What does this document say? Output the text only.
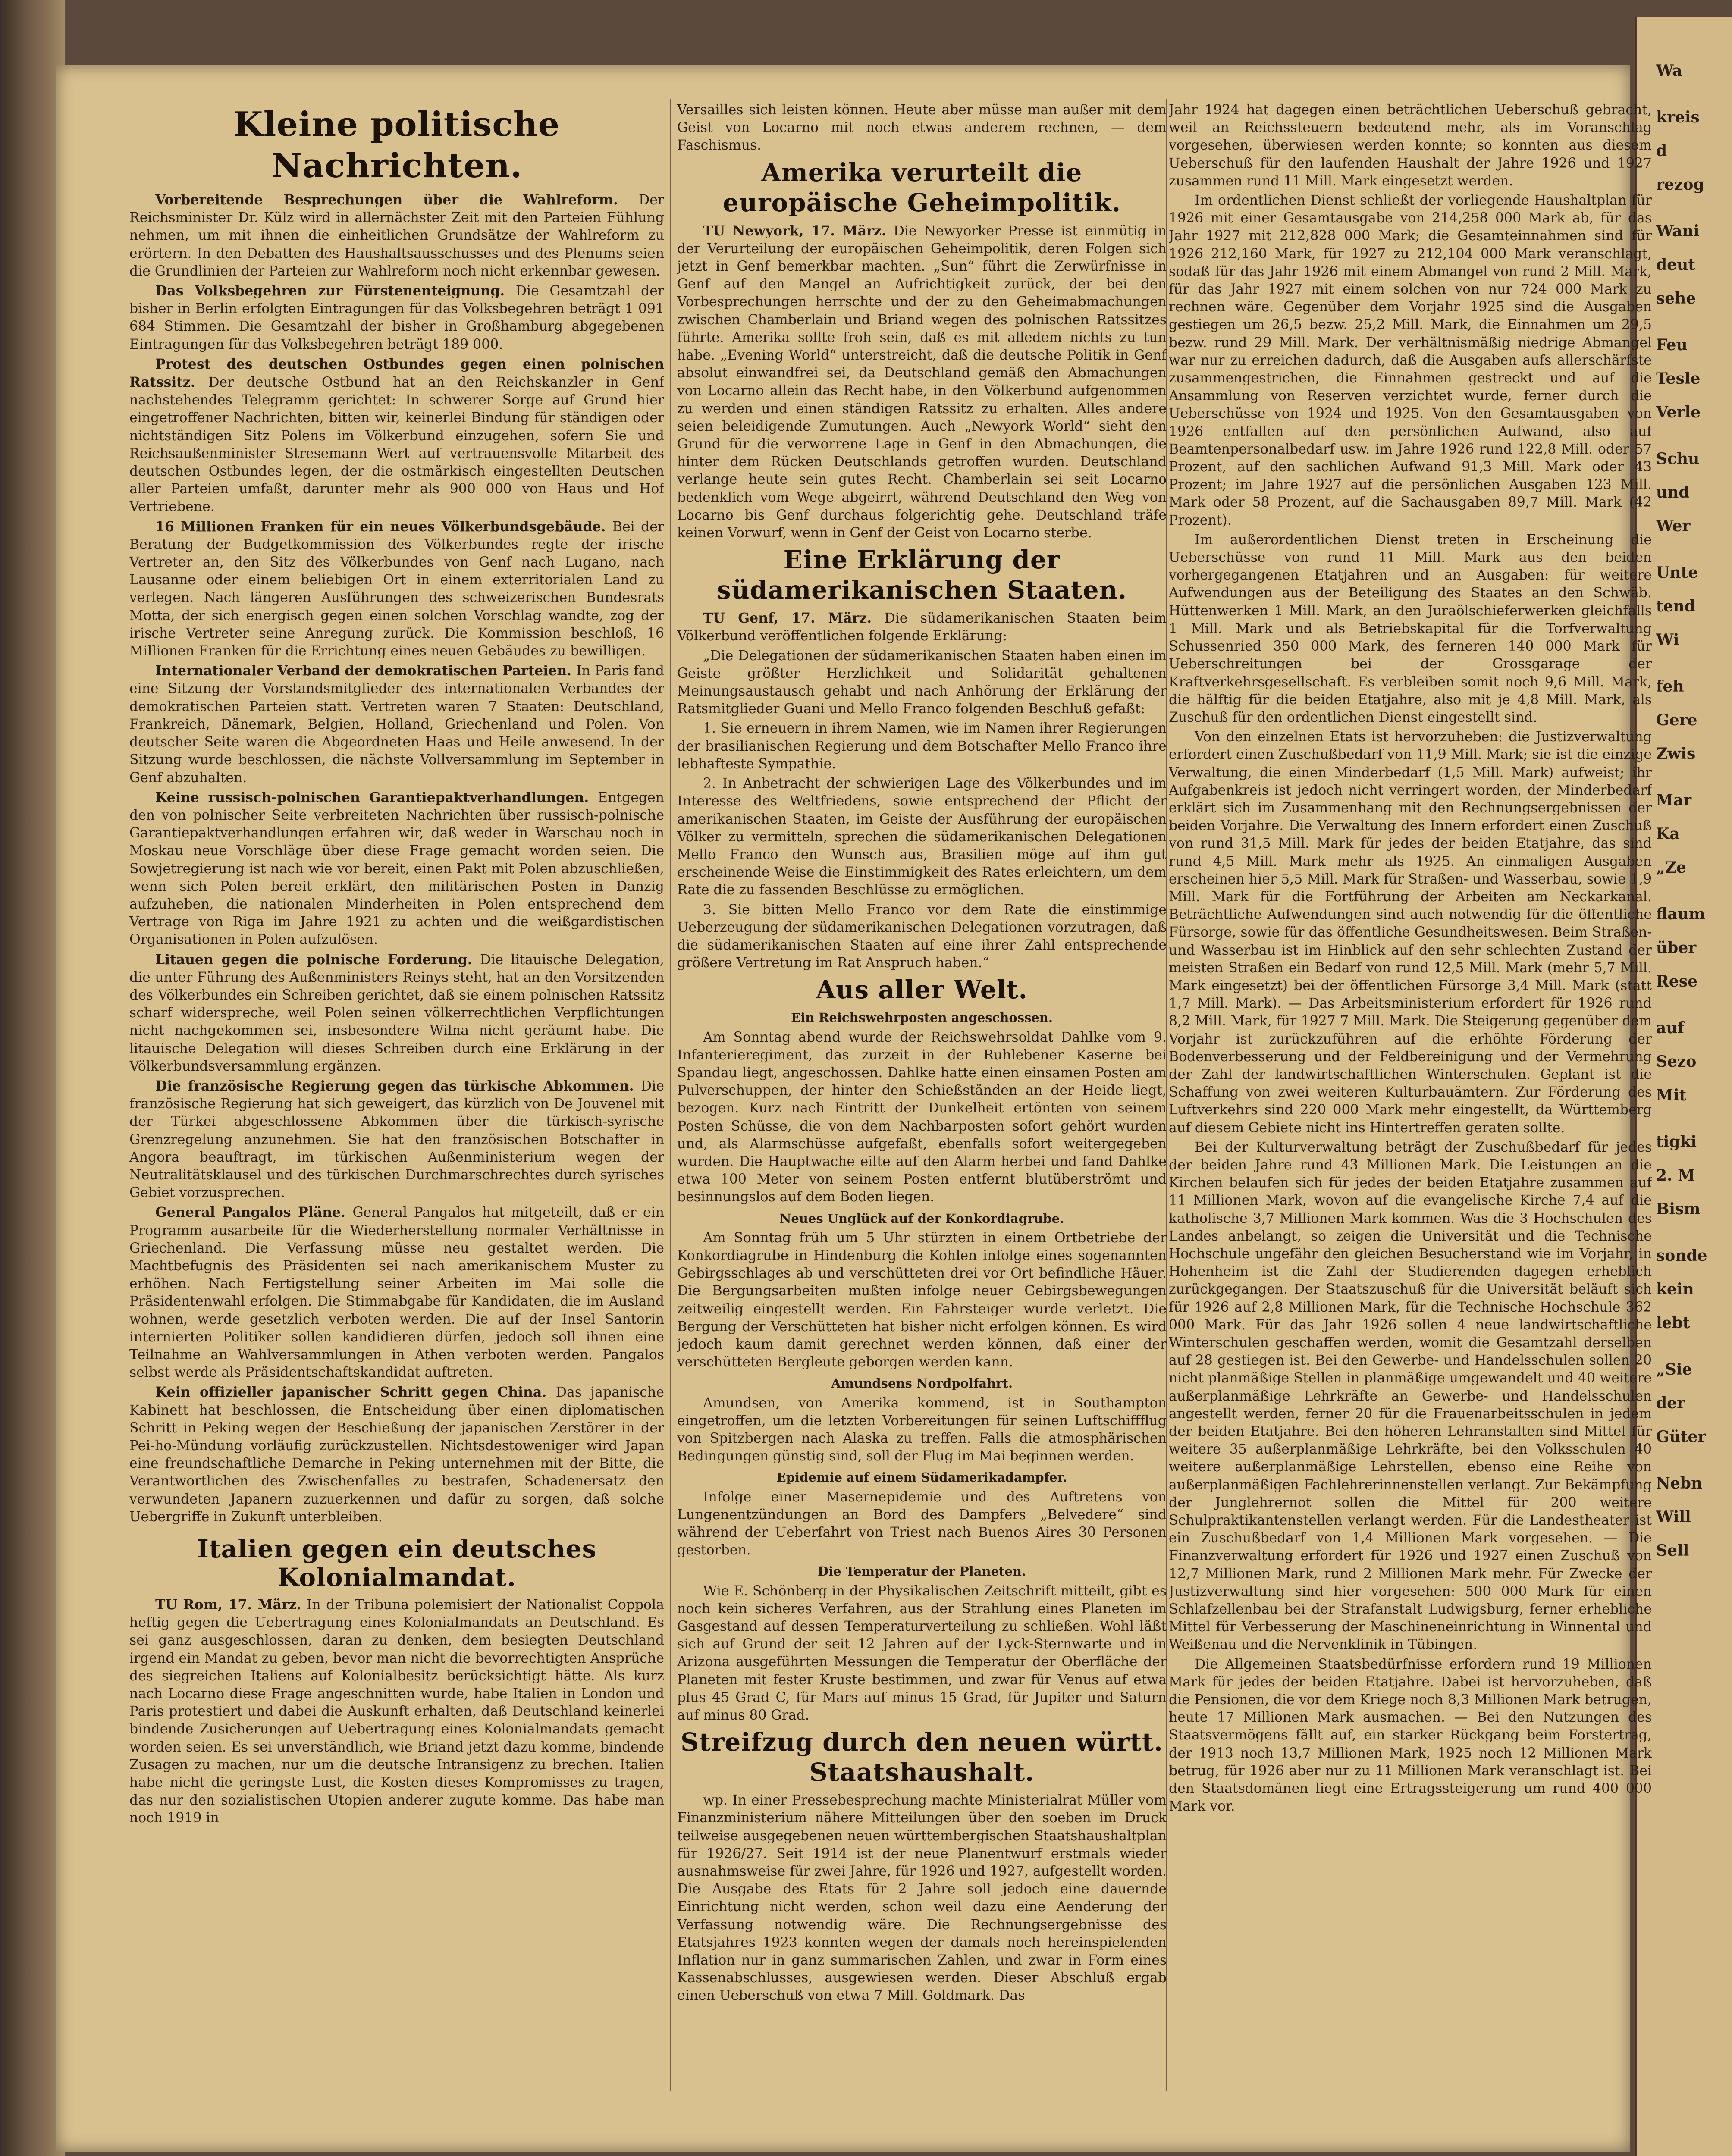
Kleine politische Nachrichten.

Vorbereitende Besprechungen über die Wahlreform. Der Reichsminister Dr. Külz wird in allernächster Zeit mit den Parteien Fühlung nehmen, um mit ihnen die einheitlichen Grundsätze der Wahlreform zu erörtern. In den Debatten des Haushaltsausschusses und des Plenums seien die Grundlinien der Parteien zur Wahlreform noch nicht erkennbar gewesen.

Das Volksbegehren zur Fürstenenteignung. Die Gesamtzahl der bisher in Berlin erfolgten Eintragungen für das Volksbegehren beträgt 1 091 684 Stimmen. Die Gesamtzahl der bisher in Großhamburg abgegebenen Eintragungen für das Volksbegehren beträgt 189 000.

Protest des deutschen Ostbundes gegen einen polnischen Ratssitz. Der deutsche Ostbund hat an den Reichskanzler in Genf nachstehendes Telegramm gerichtet: In schwerer Sorge auf Grund hier eingetroffener Nachrichten, bitten wir, keinerlei Bindung für ständigen oder nichtständigen Sitz Polens im Völkerbund einzugehen, sofern Sie und Reichsaußenminister Stresemann Wert auf vertrauensvolle Mitarbeit des deutschen Ostbundes legen, der die ostmärkisch eingestellten Deutschen aller Parteien umfaßt, darunter mehr als 900 000 von Haus und Hof Vertriebene.

16 Millionen Franken für ein neues Völkerbundsgebäude. Bei der Beratung der Budgetkommission des Völkerbundes regte der irische Vertreter an, den Sitz des Völkerbundes von Genf nach Lugano, nach Lausanne oder einem beliebigen Ort in einem exterritorialen Land zu verlegen. Nach längeren Ausführungen des schweizerischen Bundesrats Motta, der sich energisch gegen einen solchen Vorschlag wandte, zog der irische Vertreter seine Anregung zurück. Die Kommission beschloß, 16 Millionen Franken für die Errichtung eines neuen Gebäudes zu bewilligen.

Internationaler Verband der demokratischen Parteien. In Paris fand eine Sitzung der Vorstandsmitglieder des internationalen Verbandes der demokratischen Parteien statt. Vertreten waren 7 Staaten: Deutschland, Frankreich, Dänemark, Belgien, Holland, Griechenland und Polen. Von deutscher Seite waren die Abgeordneten Haas und Heile anwesend. In der Sitzung wurde beschlossen, die nächste Vollversammlung im September in Genf abzuhalten.

Keine russisch-polnischen Garantiepaktverhandlungen. Entgegen den von polnischer Seite verbreiteten Nachrichten über russisch-polnische Garantiepaktverhandlungen erfahren wir, daß weder in Warschau noch in Moskau neue Vorschläge über diese Frage gemacht worden seien. Die Sowjetregierung ist nach wie vor bereit, einen Pakt mit Polen abzuschließen, wenn sich Polen bereit erklärt, den militärischen Posten in Danzig aufzuheben, die nationalen Minderheiten in Polen entsprechend dem Vertrage von Riga im Jahre 1921 zu achten und die weißgardistischen Organisationen in Polen aufzulösen.

Litauen gegen die polnische Forderung. Die litauische Delegation, die unter Führung des Außenministers Reinys steht, hat an den Vorsitzenden des Völkerbundes ein Schreiben gerichtet, daß sie einem polnischen Ratssitz scharf widerspreche, weil Polen seinen völkerrechtlichen Verpflichtungen nicht nachgekommen sei, insbesondere Wilna nicht geräumt habe. Die litauische Delegation will dieses Schreiben durch eine Erklärung in der Völkerbundsversammlung ergänzen.

Die französische Regierung gegen das türkische Abkommen. Die französische Regierung hat sich geweigert, das kürzlich von De Jouvenel mit der Türkei abgeschlossene Abkommen über die türkisch-syrische Grenzregelung anzunehmen. Sie hat den französischen Botschafter in Angora beauftragt, im türkischen Außenministerium wegen der Neutralitätsklausel und des türkischen Durchmarschrechtes durch syrisches Gebiet vorzusprechen.

General Pangalos Pläne. General Pangalos hat mitgeteilt, daß er ein Programm ausarbeite für die Wiederherstellung normaler Verhältnisse in Griechenland. Die Verfassung müsse neu gestaltet werden. Die Machtbefugnis des Präsidenten sei nach amerikanischem Muster zu erhöhen. Nach Fertigstellung seiner Arbeiten im Mai solle die Präsidentenwahl erfolgen. Die Stimmabgabe für Kandidaten, die im Ausland wohnen, werde gesetzlich verboten werden. Die auf der Insel Santorin internierten Politiker sollen kandidieren dürfen, jedoch soll ihnen eine Teilnahme an Wahlversammlungen in Athen verboten werden. Pangalos selbst werde als Präsidentschaftskandidat auftreten.

Kein offizieller japanischer Schritt gegen China. Das japanische Kabinett hat beschlossen, die Entscheidung über einen diplomatischen Schritt in Peking wegen der Beschießung der japanischen Zerstörer in der Pei-ho-Mündung vorläufig zurückzustellen. Nichtsdestoweniger wird Japan eine freundschaftliche Demarche in Peking unternehmen mit der Bitte, die Verantwortlichen des Zwischenfalles zu bestrafen, Schadenersatz den verwundeten Japanern zuzuerkennen und dafür zu sorgen, daß solche Uebergriffe in Zukunft unterbleiben.

Italien gegen ein deutsches Kolonialmandat.

TU Rom, 17. März. In der Tribuna polemisiert der Nationalist Coppola heftig gegen die Uebertragung eines Kolonialmandats an Deutschland. Es sei ganz ausgeschlossen, daran zu denken, dem besiegten Deutschland irgend ein Mandat zu geben, bevor man nicht die bevorrechtigten Ansprüche des siegreichen Italiens auf Kolonialbesitz berücksichtigt hätte. Als kurz nach Locarno diese Frage angeschnitten wurde, habe Italien in London und Paris protestiert und dabei die Auskunft erhalten, daß Deutschland keinerlei bindende Zusicherungen auf Uebertragung eines Kolonialmandats gemacht worden seien. Es sei unverständlich, wie Briand jetzt dazu komme, bindende Zusagen zu machen, nur um die deutsche Intransigenz zu brechen. Italien habe nicht die geringste Lust, die Kosten dieses Kompromisses zu tragen, das nur den sozialistischen Utopien anderer zugute komme. Das habe man noch 1919 in

Versailles sich leisten können. Heute aber müsse man außer mit dem Geist von Locarno mit noch etwas anderem rechnen, — dem Faschismus.

Amerika verurteilt die europäische Geheimpolitik.

TU Newyork, 17. März. Die Newyorker Presse ist einmütig in der Verurteilung der europäischen Geheimpolitik, deren Folgen sich jetzt in Genf bemerkbar machten. „Sun“ führt die Zerwürfnisse in Genf auf den Mangel an Aufrichtigkeit zurück, der bei den Vorbesprechungen herrschte und der zu den Geheimabmachungen zwischen Chamberlain und Briand wegen des polnischen Ratssitzes führte. Amerika sollte froh sein, daß es mit alledem nichts zu tun habe. „Evening World“ unterstreicht, daß die deutsche Politik in Genf absolut einwandfrei sei, da Deutschland gemäß den Abmachungen von Locarno allein das Recht habe, in den Völkerbund aufgenommen zu werden und einen ständigen Ratssitz zu erhalten. Alles andere seien beleidigende Zumutungen. Auch „Newyork World“ sieht den Grund für die verworrene Lage in Genf in den Abmachungen, die hinter dem Rücken Deutschlands getroffen wurden. Deutschland verlange heute sein gutes Recht. Chamberlain sei seit Locarno bedenklich vom Wege abgeirrt, während Deutschland den Weg von Locarno bis Genf durchaus folgerichtig gehe. Deutschland träfe keinen Vorwurf, wenn in Genf der Geist von Locarno sterbe.

Eine Erklärung der südamerikanischen Staaten.

TU Genf, 17. März. Die südamerikanischen Staaten beim Völkerbund veröffentlichen folgende Erklärung:

„Die Delegationen der südamerikanischen Staaten haben einen im Geiste größter Herzlichkeit und Solidarität gehaltenen Meinungsaustausch gehabt und nach Anhörung der Erklärung der Ratsmitglieder Guani und Mello Franco folgenden Beschluß gefaßt:

1. Sie erneuern in ihrem Namen, wie im Namen ihrer Regierungen der brasilianischen Regierung und dem Botschafter Mello Franco ihre lebhafteste Sympathie.

2. In Anbetracht der schwierigen Lage des Völkerbundes und im Interesse des Weltfriedens, sowie entsprechend der Pflicht der amerikanischen Staaten, im Geiste der Ausführung der europäischen Völker zu vermitteln, sprechen die südamerikanischen Delegationen Mello Franco den Wunsch aus, Brasilien möge auf ihm gut erscheinende Weise die Einstimmigkeit des Rates erleichtern, um dem Rate die zu fassenden Beschlüsse zu ermöglichen.

3. Sie bitten Mello Franco vor dem Rate die einstimmige Ueberzeugung der südamerikanischen Delegationen vorzutragen, daß die südamerikanischen Staaten auf eine ihrer Zahl entsprechende größere Vertretung im Rat Anspruch haben.“

Aus aller Welt.
Ein Reichswehrposten angeschossen.

Am Sonntag abend wurde der Reichswehrsoldat Dahlke vom 9. Infanterieregiment, das zurzeit in der Ruhlebener Kaserne bei Spandau liegt, angeschossen. Dahlke hatte einen einsamen Posten am Pulverschuppen, der hinter den Schießständen an der Heide liegt, bezogen. Kurz nach Eintritt der Dunkelheit ertönten von seinem Posten Schüsse, die von dem Nachbarposten sofort gehört wurden und, als Alarmschüsse aufgefaßt, ebenfalls sofort weitergegeben wurden. Die Hauptwache eilte auf den Alarm herbei und fand Dahlke etwa 100 Meter von seinem Posten entfernt blutüberströmt und besinnungslos auf dem Boden liegen.

Neues Unglück auf der Konkordiagrube.

Am Sonntag früh um 5 Uhr stürzten in einem Ortbetriebe der Konkordiagrube in Hindenburg die Kohlen infolge eines sogenannten Gebirgsschlages ab und verschütteten drei vor Ort befindliche Häuer. Die Bergungsarbeiten mußten infolge neuer Gebirgsbewegungen zeitweilig eingestellt werden. Ein Fahrsteiger wurde verletzt. Die Bergung der Verschütteten hat bisher nicht erfolgen können. Es wird jedoch kaum damit gerechnet werden können, daß einer der verschütteten Bergleute geborgen werden kann.

Amundsens Nordpolfahrt.

Amundsen, von Amerika kommend, ist in Southampton eingetroffen, um die letzten Vorbereitungen für seinen Luftschiffflug von Spitzbergen nach Alaska zu treffen. Falls die atmosphärischen Bedingungen günstig sind, soll der Flug im Mai beginnen werden.

Epidemie auf einem Südamerikadampfer.

Infolge einer Masernepidemie und des Auftretens von Lungenentzündungen an Bord des Dampfers „Belvedere“ sind während der Ueberfahrt von Triest nach Buenos Aires 30 Personen gestorben.

Die Temperatur der Planeten.

Wie E. Schönberg in der Physikalischen Zeitschrift mitteilt, gibt es noch kein sicheres Verfahren, aus der Strahlung eines Planeten im Gasgestand auf dessen Temperaturverteilung zu schließen. Wohl läßt sich auf Grund der seit 12 Jahren auf der Lyck-Sternwarte und in Arizona ausgeführten Messungen die Temperatur der Oberfläche der Planeten mit fester Kruste bestimmen, und zwar für Venus auf etwa plus 45 Grad C, für Mars auf minus 15 Grad, für Jupiter und Saturn auf minus 80 Grad.

Streifzug durch den neuen württ. Staatshaushalt.

wp. In einer Pressebesprechung machte Ministerialrat Müller vom Finanzministerium nähere Mitteilungen über den soeben im Druck teilweise ausgegebenen neuen württembergischen Staatshaushaltplan für 1926/27. Seit 1914 ist der neue Planentwurf erstmals wieder ausnahmsweise für zwei Jahre, für 1926 und 1927, aufgestellt worden. Die Ausgabe des Etats für 2 Jahre soll jedoch eine dauernde Einrichtung nicht werden, schon weil dazu eine Aenderung der Verfassung notwendig wäre. Die Rechnungsergebnisse des Etatsjahres 1923 konnten wegen der damals noch hereinspielenden Inflation nur in ganz summarischen Zahlen, und zwar in Form eines Kassenabschlusses, ausgewiesen werden. Dieser Abschluß ergab einen Ueberschuß von etwa 7 Mill. Goldmark. Das

Jahr 1924 hat dagegen einen beträchtlichen Ueberschuß gebracht, weil an Reichssteuern bedeutend mehr, als im Voranschlag vorgesehen, überwiesen werden konnte; so konnten aus diesem Ueberschuß für den laufenden Haushalt der Jahre 1926 und 1927 zusammen rund 11 Mill. Mark eingesetzt werden.

Im ordentlichen Dienst schließt der vorliegende Haushaltplan für 1926 mit einer Gesamtausgabe von 214,258 000 Mark ab, für das Jahr 1927 mit 212,828 000 Mark; die Gesamteinnahmen sind für 1926 212,160 Mark, für 1927 zu 212,104 000 Mark veranschlagt, sodaß für das Jahr 1926 mit einem Abmangel von rund 2 Mill. Mark, für das Jahr 1927 mit einem solchen von nur 724 000 Mark zu rechnen wäre. Gegenüber dem Vorjahr 1925 sind die Ausgaben gestiegen um 26,5 bezw. 25,2 Mill. Mark, die Einnahmen um 29,5 bezw. rund 29 Mill. Mark. Der verhältnismäßig niedrige Abmangel war nur zu erreichen dadurch, daß die Ausgaben aufs allerschärfste zusammengestrichen, die Einnahmen gestreckt und auf die Ansammlung von Reserven verzichtet wurde, ferner durch die Ueberschüsse von 1924 und 1925. Von den Gesamtausgaben von 1926 entfallen auf den persönlichen Aufwand, also auf Beamtenpersonalbedarf usw. im Jahre 1926 rund 122,8 Mill. oder 57 Prozent, auf den sachlichen Aufwand 91,3 Mill. Mark oder 43 Prozent; im Jahre 1927 auf die persönlichen Ausgaben 123 Mill. Mark oder 58 Prozent, auf die Sachausgaben 89,7 Mill. Mark (42 Prozent).

Im außerordentlichen Dienst treten in Erscheinung die Ueberschüsse von rund 11 Mill. Mark aus den beiden vorhergegangenen Etatjahren und an Ausgaben: für weitere Aufwendungen aus der Beteiligung des Staates an den Schwäb. Hüttenwerken 1 Mill. Mark, an den Juraölschieferwerken gleichfalls 1 Mill. Mark und als Betriebskapital für die Torfverwaltung Schussenried 350 000 Mark, des ferneren 140 000 Mark für Ueberschreitungen bei der Grossgarage der Kraftverkehrsgesellschaft. Es verbleiben somit noch 9,6 Mill. Mark, die hälftig für die beiden Etatjahre, also mit je 4,8 Mill. Mark, als Zuschuß für den ordentlichen Dienst eingestellt sind.

Von den einzelnen Etats ist hervorzuheben: die Justizverwaltung erfordert einen Zuschußbedarf von 11,9 Mill. Mark; sie ist die einzige Verwaltung, die einen Minderbedarf (1,5 Mill. Mark) aufweist; ihr Aufgabenkreis ist jedoch nicht verringert worden, der Minderbedarf erklärt sich im Zusammenhang mit den Rechnungsergebnissen der beiden Vorjahre. Die Verwaltung des Innern erfordert einen Zuschuß von rund 31,5 Mill. Mark für jedes der beiden Etatjahre, das sind rund 4,5 Mill. Mark mehr als 1925. An einmaligen Ausgaben erscheinen hier 5,5 Mill. Mark für Straßen- und Wasserbau, sowie 1,9 Mill. Mark für die Fortführung der Arbeiten am Neckarkanal. Beträchtliche Aufwendungen sind auch notwendig für die öffentliche Fürsorge, sowie für das öffentliche Gesundheitswesen. Beim Straßen- und Wasserbau ist im Hinblick auf den sehr schlechten Zustand der meisten Straßen ein Bedarf von rund 12,5 Mill. Mark (mehr 5,7 Mill. Mark eingesetzt) bei der öffentlichen Fürsorge 3,4 Mill. Mark (statt 1,7 Mill. Mark). — Das Arbeitsministerium erfordert für 1926 rund 8,2 Mill. Mark, für 1927 7 Mill. Mark. Die Steigerung gegenüber dem Vorjahr ist zurückzuführen auf die erhöhte Förderung der Bodenverbesserung und der Feldbereinigung und der Vermehrung der Zahl der landwirtschaftlichen Winterschulen. Geplant ist die Schaffung von zwei weiteren Kulturbauämtern. Zur Förderung des Luftverkehrs sind 220 000 Mark mehr eingestellt, da Württemberg auf diesem Gebiete nicht ins Hintertreffen geraten sollte.

Bei der Kulturverwaltung beträgt der Zuschußbedarf für jedes der beiden Jahre rund 43 Millionen Mark. Die Leistungen an die Kirchen belaufen sich für jedes der beiden Etatjahre zusammen auf 11 Millionen Mark, wovon auf die evangelische Kirche 7,4 auf die katholische 3,7 Millionen Mark kommen. Was die 3 Hochschulen des Landes anbelangt, so zeigen die Universität und die Technische Hochschule ungefähr den gleichen Besucherstand wie im Vorjahr, in Hohenheim ist die Zahl der Studierenden dagegen erheblich zurückgegangen. Der Staatszuschuß für die Universität beläuft sich für 1926 auf 2,8 Millionen Mark, für die Technische Hochschule 362 000 Mark. Für das Jahr 1926 sollen 4 neue landwirtschaftliche Winterschulen geschaffen werden, womit die Gesamtzahl derselben auf 28 gestiegen ist. Bei den Gewerbe- und Handelsschulen sollen 20 nicht planmäßige Stellen in planmäßige umgewandelt und 40 weitere außerplanmäßige Lehrkräfte an Gewerbe- und Handelsschulen angestellt werden, ferner 20 für die Frauenarbeitsschulen in jedem der beiden Etatjahre. Bei den höheren Lehranstalten sind Mittel für weitere 35 außerplanmäßige Lehrkräfte, bei den Volksschulen 40 weitere außerplanmäßige Lehrstellen, ebenso eine Reihe von außerplanmäßigen Fachlehrerinnenstellen verlangt. Zur Bekämpfung der Junglehrernot sollen die Mittel für 200 weitere Schulpraktikantenstellen verlangt werden. Für die Landestheater ist ein Zuschußbedarf von 1,4 Millionen Mark vorgesehen. — Die Finanzverwaltung erfordert für 1926 und 1927 einen Zuschuß von 12,7 Millionen Mark, rund 2 Millionen Mark mehr. Für Zwecke der Justizverwaltung sind hier vorgesehen: 500 000 Mark für einen Schlafzellenbau bei der Strafanstalt Ludwigsburg, ferner erhebliche Mittel für Verbesserung der Maschineneinrichtung in Winnental und Weißenau und die Nervenklinik in Tübingen.

Die Allgemeinen Staatsbedürfnisse erfordern rund 19 Millionen Mark für jedes der beiden Etatjahre. Dabei ist hervorzuheben, daß die Pensionen, die vor dem Kriege noch 8,3 Millionen Mark betrugen, heute 17 Millionen Mark ausmachen. — Bei den Nutzungen des Staatsvermögens fällt auf, ein starker Rückgang beim Forstertrag, der 1913 noch 13,7 Millionen Mark, 1925 noch 12 Millionen Mark betrug, für 1926 aber nur zu 11 Millionen Mark veranschlagt ist. Bei den Staatsdomänen liegt eine Ertragssteigerung um rund 400 000 Mark vor.

Wa
kreis
d
rezog
Wani
deut
sehe
Feu
Tesle
Verle
Schu
und
Wer
Unte
tend
Wi
feh
Gere
Zwis
Mar
Ka
„Ze
flaum
über
Rese
auf
Sezo
Mit
tigki
2. M
Bism
sonde
kein
lebt
„Sie
der
Güter
Nebn
Will
Sell
